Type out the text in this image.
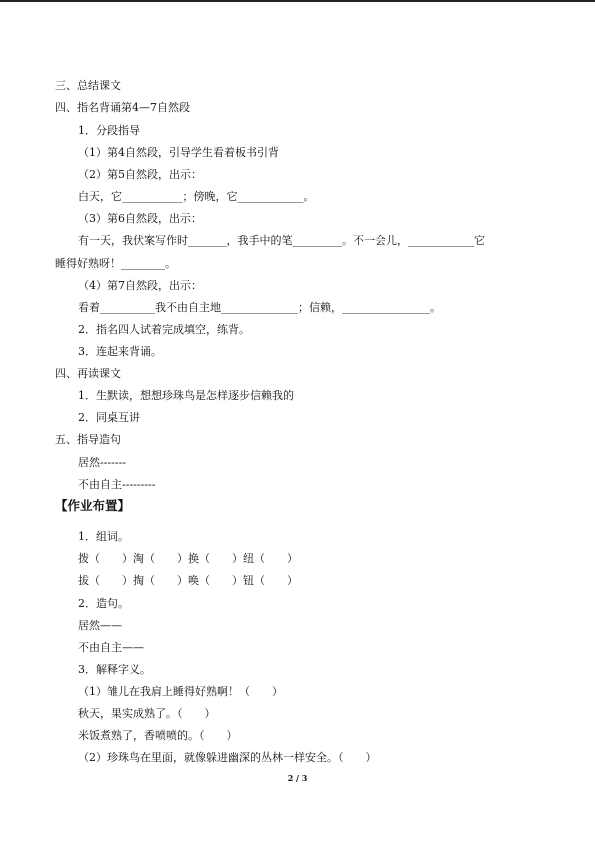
三、总结课文
四、指名背诵第4—7自然段
1．分段指导
（1）第4自然段，引导学生看着板书引背
（2）第5自然段，出示：
白天，它___________；傍晚，它____________。
（3）第6自然段，出示：
有一天，我伏案写作时_______，我手中的笔_________。不一会儿，____________它
睡得好熟呀！________。
（4）第7自然段，出示：
看着__________我不由自主地______________；信赖，________________。
2．指名四人试着完成填空，练背。
3．连起来背诵。
四、再读课文
1．生默读，想想珍珠鸟是怎样逐步信赖我的
2．同桌互讲
五、指导造句
居然-------
不由自主---------
【作业布置】
1．组词。
拨（　　）淘（　　）换（　　）纽（　　）
拔（　　）掏（　　）唤（　　）钮（　　）
2．造句。
居然——
不由自主——
3．解释字义。
（1）雏儿在我肩上睡得好熟啊！（　　）
秋天，果实成熟了。（　　）
米饭煮熟了，香喷喷的。（　　）
（2）珍珠鸟在里面，就像躲进幽深的丛林一样安全。（　　）
2 / 3
